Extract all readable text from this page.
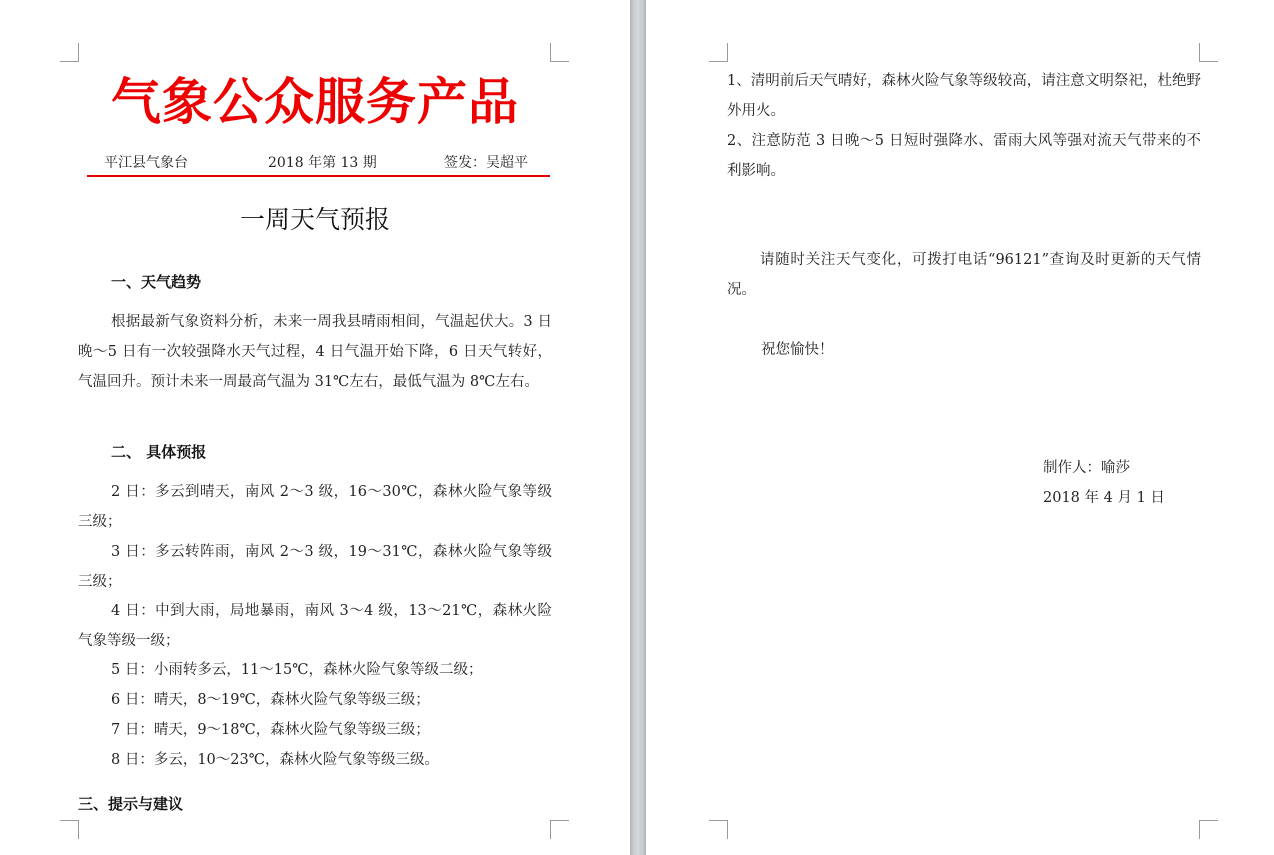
气象公众服务产品
平江县气象台	2018 年第 13 期	签发：吴超平
一周天气预报
一、天气趋势

根据最新气象资料分析，未来一周我县晴雨相间，气温起伏大。3 日晚～5 日有一次较强降水天气过程，4 日气温开始下降，6 日天气转好，气温回升。预计未来一周最高气温为 31℃左右，最低气温为 8℃左右。

二、 具体预报

2 日：多云到晴天，南风 2～3 级，16～30℃，森林火险气象等级三级；

3 日：多云转阵雨，南风 2～3 级，19～31℃，森林火险气象等级三级；

4 日：中到大雨，局地暴雨，南风 3～4 级，13～21℃，森林火险气象等级一级；

5 日：小雨转多云，11～15℃，森林火险气象等级二级；

6 日：晴天，8～19℃，森林火险气象等级三级；

7 日：晴天，9～18℃，森林火险气象等级三级；

8 日：多云，10～23℃，森林火险气象等级三级。

三、提示与建议

1、清明前后天气晴好，森林火险气象等级较高，请注意文明祭祀，杜绝野外用火。

2、注意防范 3 日晚～5 日短时强降水、雷雨大风等强对流天气带来的不利影响。

请随时关注天气变化，可拨打电话“96121”查询及时更新的天气情况。

祝您愉快！
制作人：喻莎
2018 年 4 月 1 日
